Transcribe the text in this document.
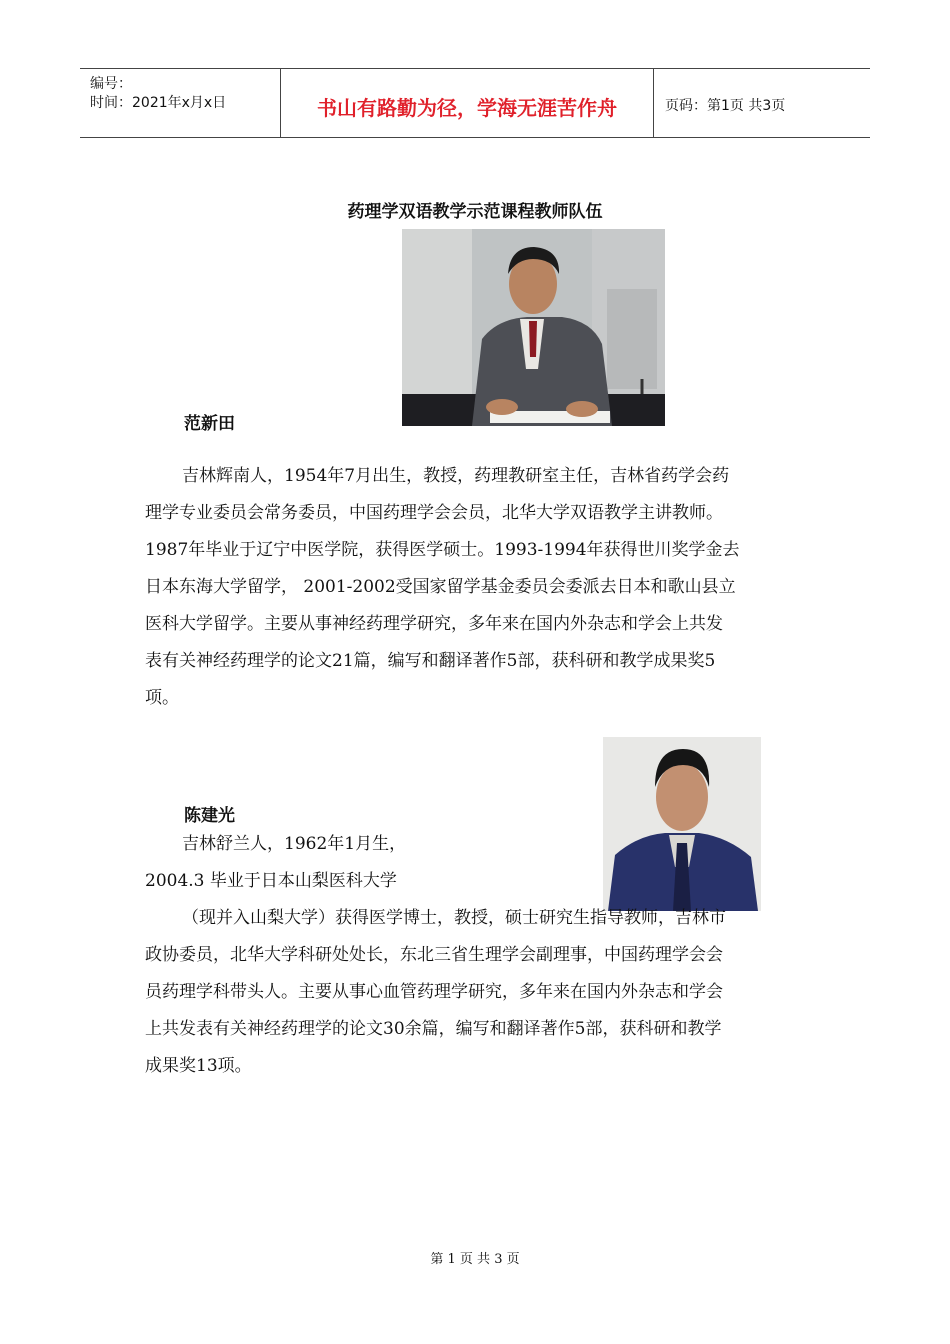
编号：
时间：2021年x月x日	书山有路勤为径，学海无涯苦作舟	页码：第1页 共3页
药理学双语教学示范课程教师队伍
范新田
吉林辉南人，1954年7月出生，教授，药理教研室主任，吉林省药学会药
理学专业委员会常务委员，中国药理学会会员，北华大学双语教学主讲教师。
1987年毕业于辽宁中医学院，获得医学硕士。1993-1994年获得世川奖学金去
日本东海大学留学， 2001-2002受国家留学基金委员会委派去日本和歌山县立
医科大学留学。主要从事神经药理学研究，多年来在国内外杂志和学会上共发
表有关神经药理学的论文21篇，编写和翻译著作5部，获科研和教学成果奖5
项。
陈建光
吉林舒兰人，1962年1月生，
2004.3 毕业于日本山梨医科大学
（现并入山梨大学）获得医学博士，教授，硕士研究生指导教师，吉林市
政协委员，北华大学科研处处长，东北三省生理学会副理事，中国药理学会会
员药理学科带头人。主要从事心血管药理学研究，多年来在国内外杂志和学会
上共发表有关神经药理学的论文30余篇，编写和翻译著作5部，获科研和教学
成果奖13项。
第 1 页 共 3 页
